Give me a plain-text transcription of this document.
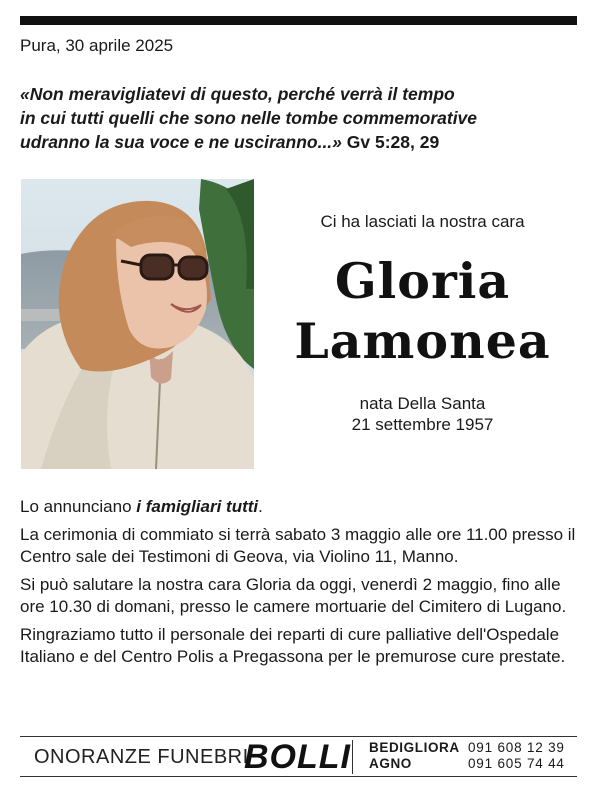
Pura, 30 aprile 2025
«Non meravigliatevi di questo, perché verrà il tempo
in cui tutti quelli che sono nelle tombe commemorative
udranno la sua voce e ne usciranno...» Gv 5:28, 29
Ci ha lasciati la nostra cara
Gloria
Lamonea
nata Della Santa
21 settembre 1957

Lo annunciano i famigliari tutti.

La cerimonia di commiato si terrà sabato 3 maggio alle ore 11.00 presso il Centro sale dei Testimoni di Geova, via Violino 11, Manno.

Si può salutare la nostra cara Gloria da oggi, venerdì 2 maggio, fino alle ore 10.30 di domani, presso le camere mortuarie del Cimitero di Lugano.

Ringraziamo tutto il personale dei reparti di cure palliative dell'Ospedale Italiano e del Centro Polis a Pregassona per le premurose cure prestate.

ONORANZE FUNEBRI
BOLLI BEDIGLIORA 091 608 12 39
AGNO	091 605 74 44
